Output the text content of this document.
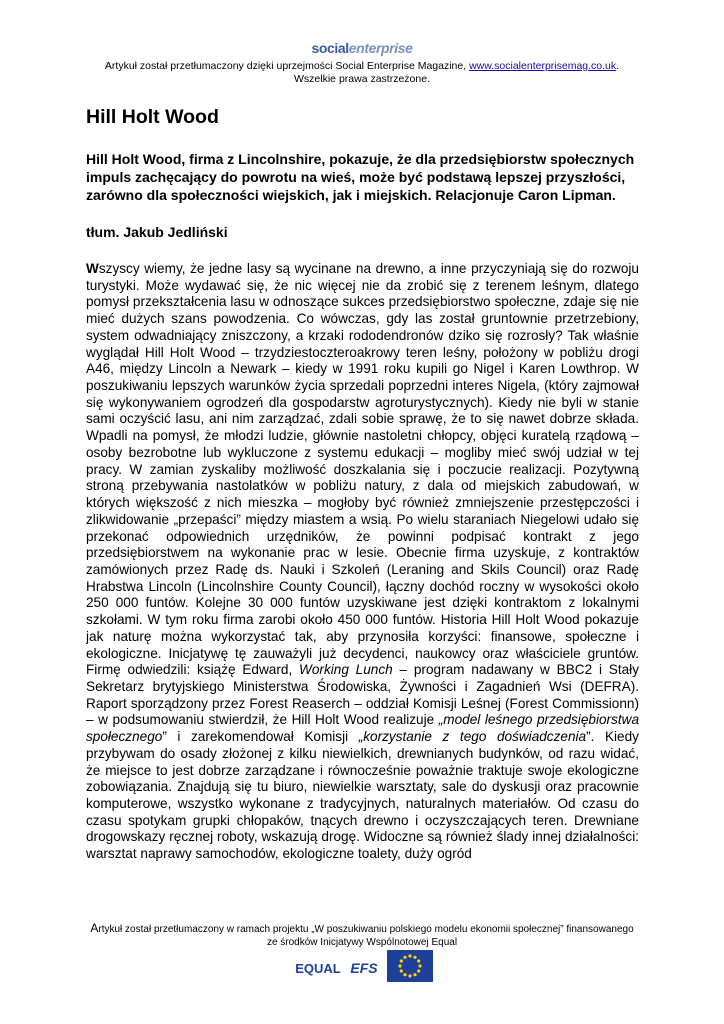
socialenterprise
Artykuł został przetłumaczony dzięki uprzejmości Social Enterprise Magazine, www.socialenterprisemag.co.uk.
Wszelkie prawa zastrzeżone.
Hill Holt Wood

Hill Holt Wood, firma z Lincolnshire, pokazuje, że dla przedsiębiorstw społecznych impuls zachęcający do powrotu na wieś, może być podstawą lepszej przyszłości, zarówno dla społeczności wiejskich, jak i miejskich. Relacjonuje Caron Lipman.

tłum. Jakub Jedliński

Wszyscy wiemy, że jedne lasy są wycinane na drewno, a inne przyczyniają się do rozwoju turystyki. Może wydawać się, że nic więcej nie da zrobić się z terenem leśnym, dlatego pomysł przekształcenia lasu w odnoszące sukces przedsiębiorstwo społeczne, zdaje się nie mieć dużych szans powodzenia. Co wówczas, gdy las został gruntownie przetrzebiony, system odwadniający zniszczony, a krzaki rododendronów dziko się rozrosły? Tak właśnie wyglądał Hill Holt Wood – trzydziestoczteroakrowy teren leśny, położony w pobliżu drogi A46, między Lincoln a Newark – kiedy w 1991 roku kupili go Nigel i Karen Lowthrop. W poszukiwaniu lepszych warunków życia sprzedali poprzedni interes Nigela, (który zajmował się wykonywaniem ogrodzeń dla gospodarstw agroturystycznych). Kiedy nie byli w stanie sami oczyścić lasu, ani nim zarządzać, zdali sobie sprawę, że to się nawet dobrze składa. Wpadli na pomysł, że młodzi ludzie, głównie nastoletni chłopcy, objęci kuratelą rządową – osoby bezrobotne lub wykluczone z systemu edukacji – mogliby mieć swój udział w tej pracy. W zamian zyskaliby możliwość doszkalania się i poczucie realizacji. Pozytywną stroną przebywania nastolatków w pobliżu natury, z dala od miejskich zabudowań, w których większość z nich mieszka – mogłoby być również zmniejszenie przestępczości i zlikwidowanie „przepaści” między miastem a wsią. Po wielu staraniach Niegelowi udało się przekonać odpowiednich urzędników, że powinni podpisać kontrakt z jego przedsiębiorstwem na wykonanie prac w lesie. Obecnie firma uzyskuje, z kontraktów zamówionych przez Radę ds. Nauki i Szkoleń (Leraning and Skils Council) oraz Radę Hrabstwa Lincoln (Lincolnshire County Council), łączny dochód roczny w wysokości około 250 000 funtów. Kolejne 30 000 funtów uzyskiwane jest dzięki kontraktom z lokalnymi szkołami. W tym roku firma zarobi około 450 000 funtów. Historia Hill Holt Wood pokazuje jak naturę można wykorzystać tak, aby przynosiła korzyści: finansowe, społeczne i ekologiczne. Inicjatywę tę zauważyli już decydenci, naukowcy oraz właściciele gruntów. Firmę odwiedzili: książę Edward, Working Lunch – program nadawany w BBC2 i Stały Sekretarz brytyjskiego Ministerstwa Środowiska, Żywności i Zagadnień Wsi (DEFRA). Raport sporządzony przez Forest Reaserch – oddział Komisji Leśnej (Forest Commissionn) – w podsumowaniu stwierdził, że Hill Holt Wood realizuje „model leśnego przedsiębiorstwa społecznego” i zarekomendował Komisji „korzystanie z tego doświadczenia”. Kiedy przybywam do osady złożonej z kilku niewielkich, drewnianych budynków, od razu widać, że miejsce to jest dobrze zarządzane i równocześnie poważnie traktuje swoje ekologiczne zobowiązania. Znajdują się tu biuro, niewielkie warsztaty, sale do dyskusji oraz pracownie komputerowe, wszystko wykonane z tradycyjnych, naturalnych materiałów. Od czasu do czasu spotykam grupki chłopaków, tnących drewno i oczyszczających teren. Drewniane drogowskazy ręcznej roboty, wskazują drogę. Widoczne są również ślady innej działalności: warsztat naprawy samochodów, ekologiczne toalety, duży ogród

Artykuł został przetłumaczony w ramach projektu „W poszukiwaniu polskiego modelu ekonomii społecznej” finansowanego
ze środków Inicjatywy Wspólnotowej Equal
EQUAL EFS
